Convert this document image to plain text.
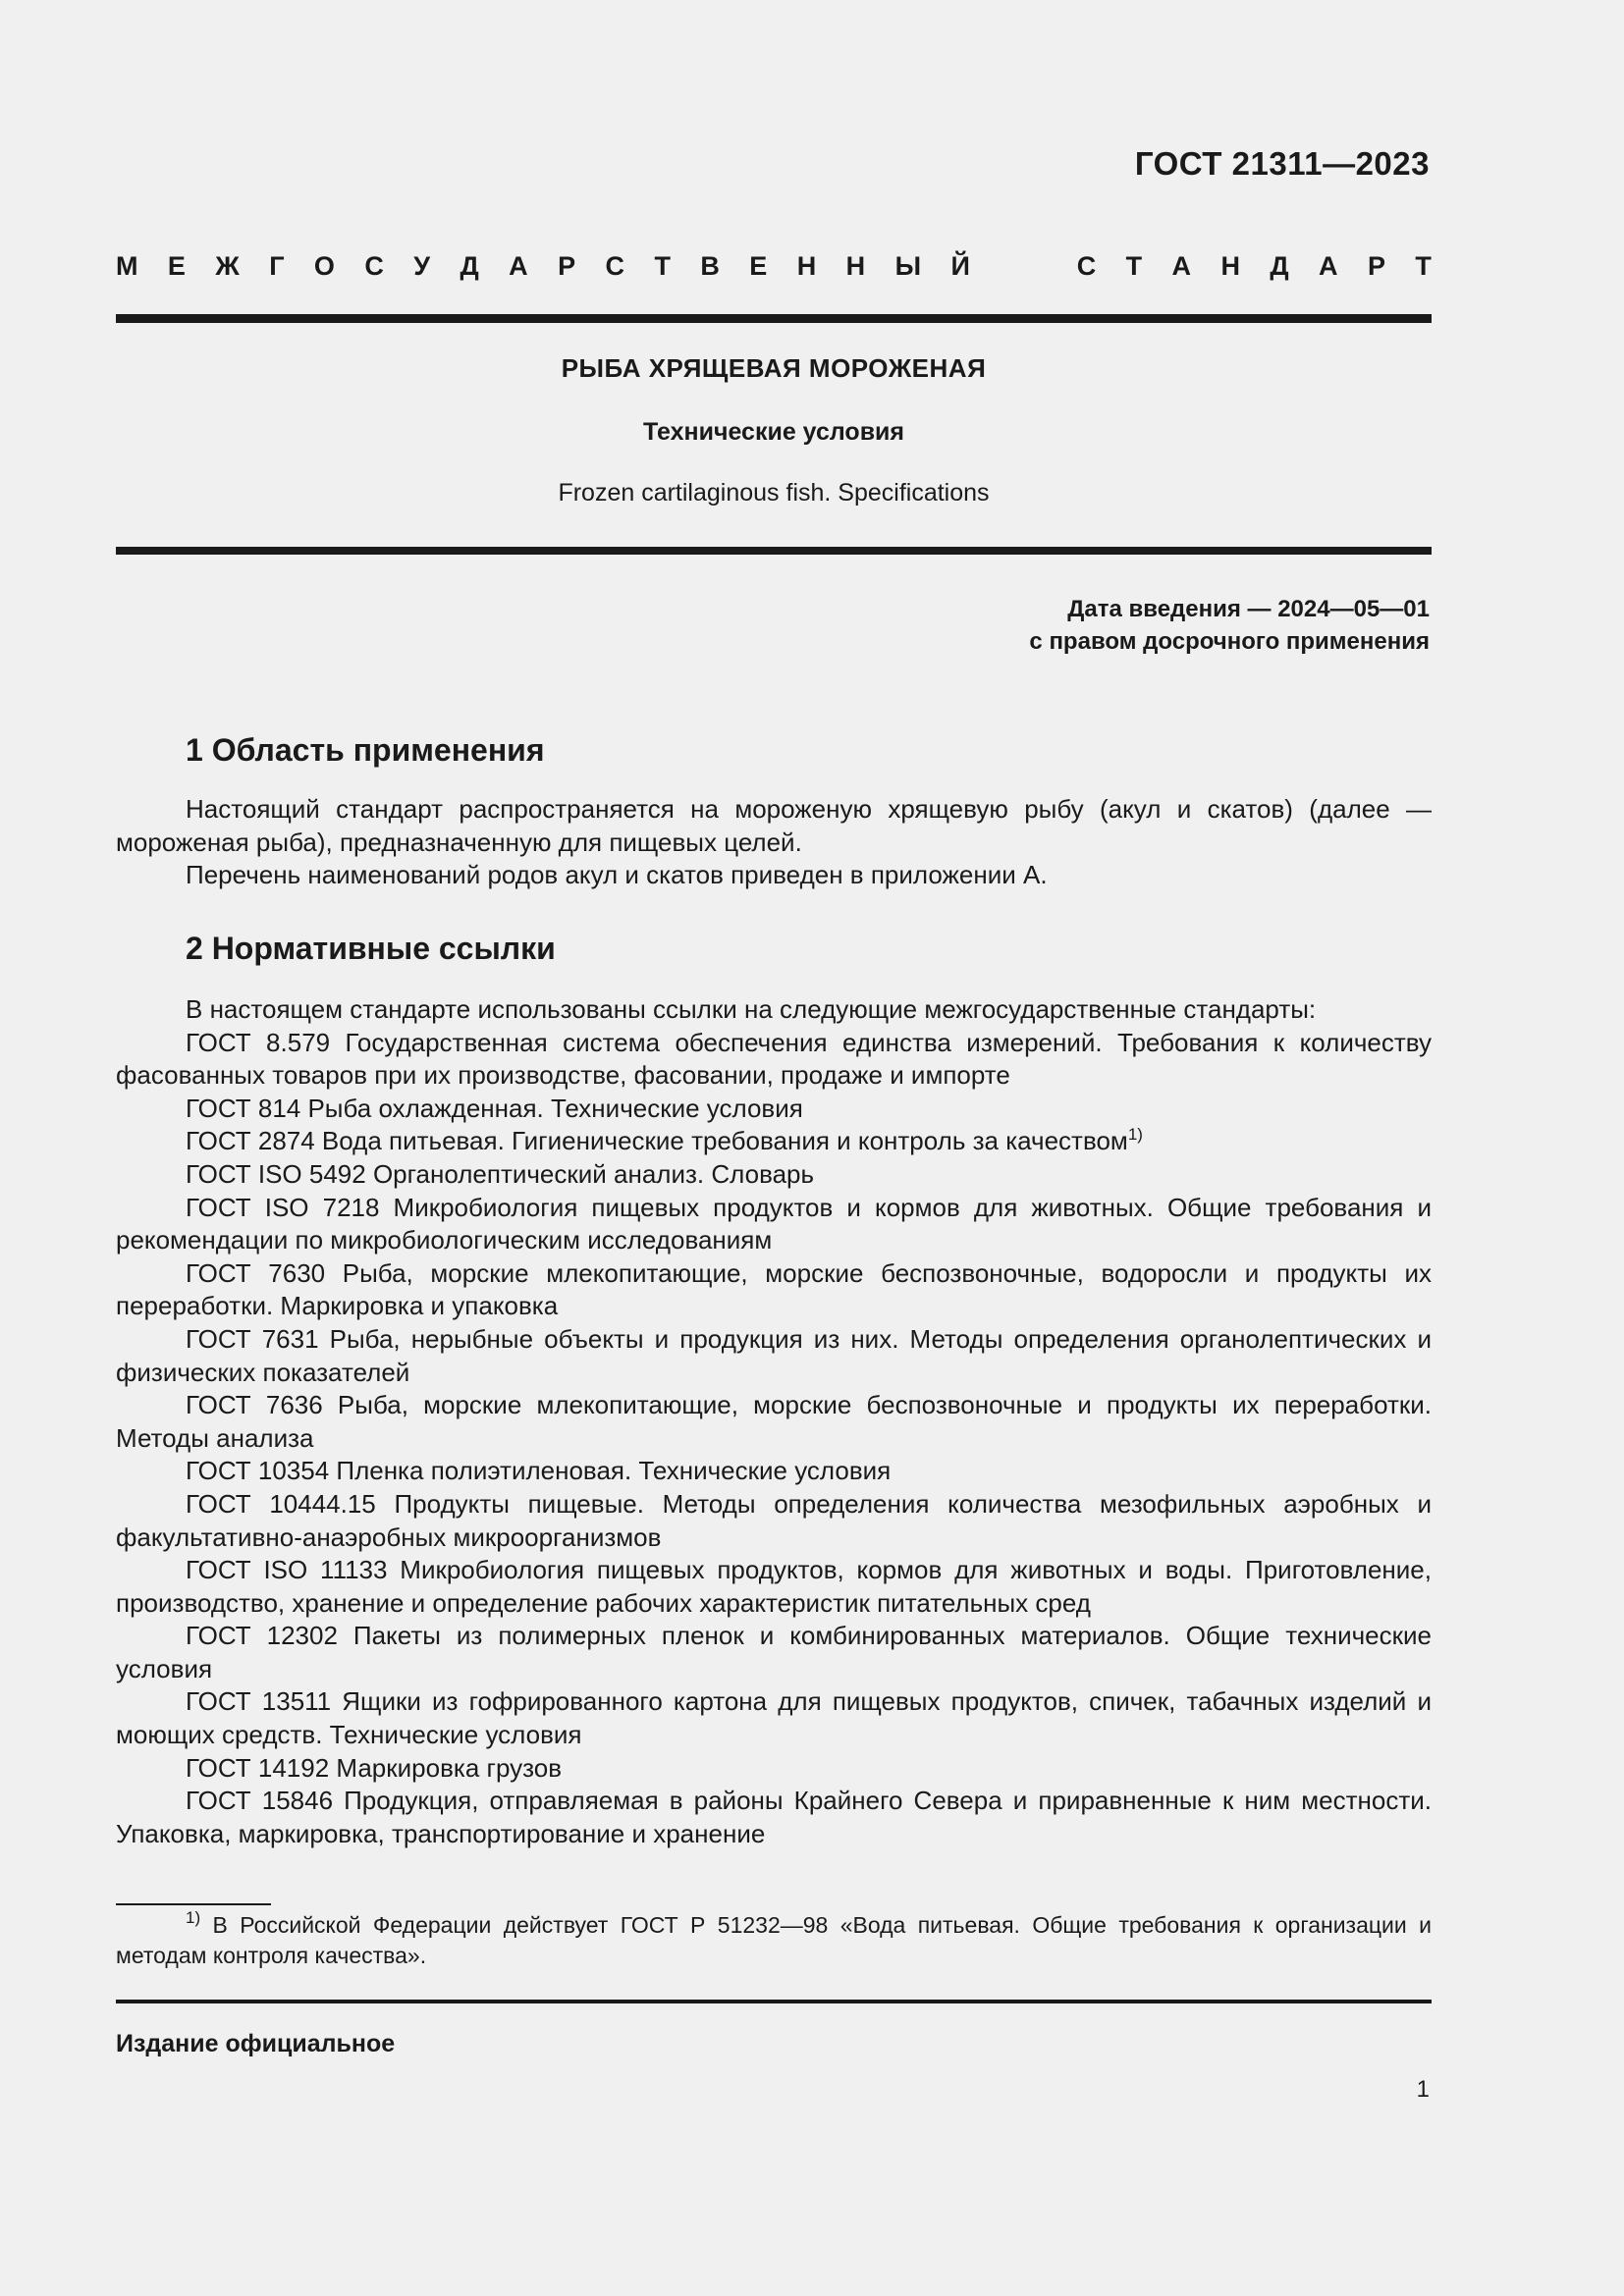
ГОСТ 21311—2023
М Е Ж Г О С У Д А Р С Т В Е Н Н Ы Й	С Т А Н Д А Р Т
РЫБА ХРЯЩЕВАЯ МОРОЖЕНАЯ
Технические условия
Frozen cartilaginous fish. Specifications
Дата введения — 2024—05—01
с правом досрочного применения
1 Область применения

Настоящий стандарт распространяется на мороженую хрящевую рыбу (акул и скатов) (далее — мороженая рыба), предназначенную для пищевых целей.

Перечень наименований родов акул и скатов приведен в приложении А.

2 Нормативные ссылки

В настоящем стандарте использованы ссылки на следующие межгосударственные стандарты:

ГОСТ 8.579 Государственная система обеспечения единства измерений. Требования к количеству фасованных товаров при их производстве, фасовании, продаже и импорте

ГОСТ 814 Рыба охлажденная. Технические условия

ГОСТ 2874 Вода питьевая. Гигиенические требования и контроль за качеством$^{1)}$

ГОСТ ISO 5492 Органолептический анализ. Словарь

ГОСТ ISO 7218 Микробиология пищевых продуктов и кормов для животных. Общие требования и рекомендации по микробиологическим исследованиям

ГОСТ 7630 Рыба, морские млекопитающие, морские беспозвоночные, водоросли и продукты их переработки. Маркировка и упаковка

ГОСТ 7631 Рыба, нерыбные объекты и продукция из них. Методы определения органолептических и физических показателей

ГОСТ 7636 Рыба, морские млекопитающие, морские беспозвоночные и продукты их переработки. Методы анализа

ГОСТ 10354 Пленка полиэтиленовая. Технические условия

ГОСТ 10444.15 Продукты пищевые. Методы определения количества мезофильных аэробных и факультативно-анаэробных микроорганизмов

ГОСТ ISO 11133 Микробиология пищевых продуктов, кормов для животных и воды. Приготовление, производство, хранение и определение рабочих характеристик питательных сред

ГОСТ 12302 Пакеты из полимерных пленок и комбинированных материалов. Общие технические условия

ГОСТ 13511 Ящики из гофрированного картона для пищевых продуктов, спичек, табачных изделий и моющих средств. Технические условия

ГОСТ 14192 Маркировка грузов

ГОСТ 15846 Продукция, отправляемая в районы Крайнего Севера и приравненные к ним местности. Упаковка, маркировка, транспортирование и хранение

$^{1)}$ В Российской Федерации действует ГОСТ Р 51232—98 «Вода питьевая. Общие требования к организации и методам контроля качества».

Издание официальное
1
